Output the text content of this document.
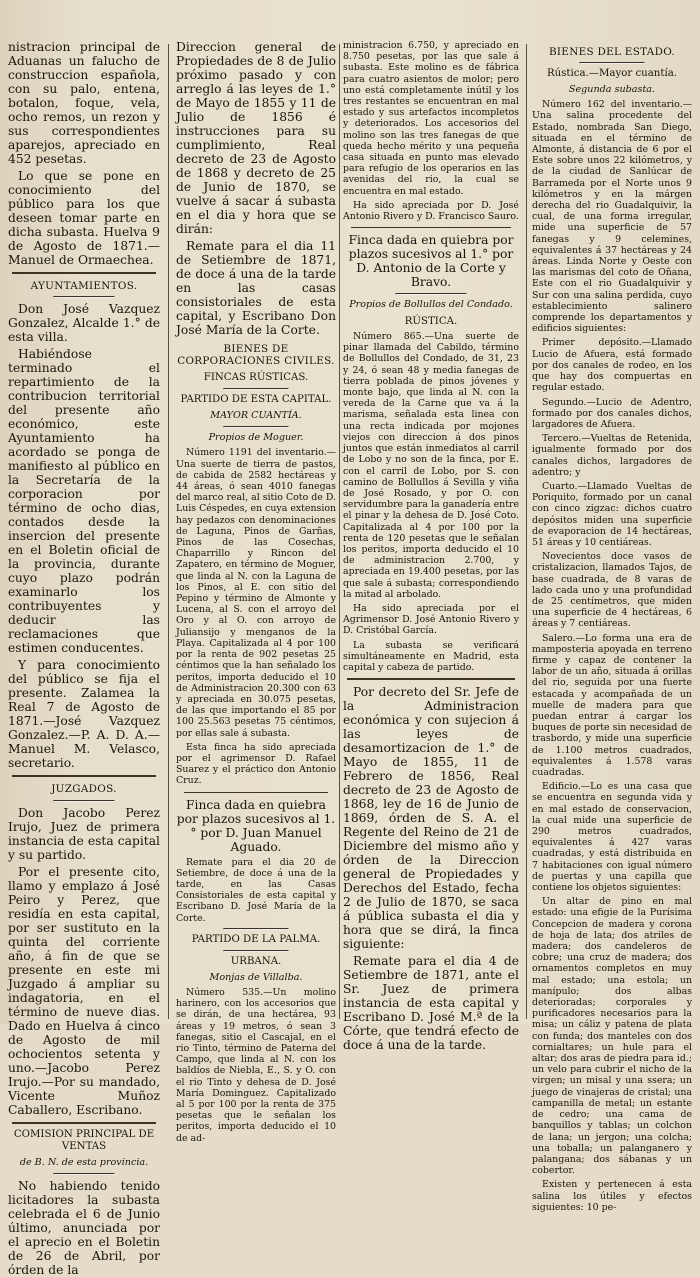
nistracion principal de Aduanas un falucho de construccion española, con su palo, entena, botalon, foque, vela, ocho remos, un rezon y sus correspondientes aparejos, apreciado en 452 pesetas.

Lo que se pone en conocimiento del público para los que deseen tomar parte en dicha subasta. Huelva 9 de Agosto de 1871.—Manuel de Ormaechea.

AYUNTAMIENTOS.

Don José Vazquez Gonzalez, Alcalde 1.° de esta villa.

Habiéndose terminado el repartimiento de la contribucion territorial del presente año económico, este Ayuntamiento ha acordado se ponga de manifiesto al público en la Secretaría de la corporacion por término de ocho dias, contados desde la insercion del presente en el Boletin oficial de la provincia, durante cuyo plazo podrán examinarlo los contribuyentes y deducir las reclamaciones que estimen conducentes.

Y para conocimiento del público se fija el presente. Zalamea la Real 7 de Agosto de 1871.—José Vazquez Gonzalez.—P. A. D. A.—Manuel M. Velasco, secretario.

JUZGADOS.

Don Jacobo Perez Irujo, Juez de primera instancia de esta capital y su partido.

Por el presente cito, llamo y emplazo á José Peiro y Perez, que residía en esta capital, por ser sustituto en la quinta del corriente año, á fin de que se presente en este mi Juzgado á ampliar su indagatoria, en el término de nueve dias. Dado en Huelva á cinco de Agosto de mil ochocientos setenta y uno.—Jacobo Perez Irujo.—Por su mandado, Vicente Muñoz Caballero, Escribano.

COMISION PRINCIPAL DE VENTAS

de B. N. de esta provincia.

No habiendo tenido licitadores la subasta celebrada el 6 de Junio último, anunciada por el aprecio en el Boletin de 26 de Abril, por órden de la

Direccion general de Propiedades de 8 de Julio próximo pasado y con arreglo á las leyes de 1.° de Mayo de 1855 y 11 de Julio de 1856 é instrucciones para su cumplimiento, Real decreto de 23 de Agosto de 1868 y decreto de 25 de Junio de 1870, se vuelve á sacar á subasta en el dia y hora que se dirán:

Remate para el dia 11 de Setiembre de 1871, de doce á una de la tarde en las casas consistoriales de esta capital, y Escribano Don José María de la Corte.

BIENES DE CORPORACIONES CIVILES.

FINCAS RÚSTICAS.

PARTIDO DE ESTA CAPITAL.

MAYOR CUANTÍA.

Propios de Moguer.

Número 1191 del inventario.—Una suerte de tierra de pastos, de cabida de 2582 hectáreas y 44 áreas, ó sean 4010 fanegas del marco real, al sitio Coto de D. Luis Céspedes, en cuya extension hay pedazos con denominaciones de Laguna, Pinos de Garñas, Pinos de las Cosechas, Chaparrillo y Rincon del Zapatero, en término de Moguer, que linda al N. con la Laguna de los Pinos, al E. con sitio del Pepino y término de Almonte y Lucena, al S. con el arroyo del Oro y al O. con arroyo de Juliansijo y menganos de la Playa. Capitalizada al 4 por 100 por la renta de 902 pesetas 25 céntimos que la han señalado los peritos, importa deducido el 10 de Administracion 20.300 con 63 y apreciada en 30.075 pesetas, de las que importando el 85 por 100 25.563 pesetas 75 céntimos, por ellas sale á subasta.

Esta finca ha sido apreciada por el agrimensor D. Rafael Suarez y el práctico don Antonio Cruz.

Finca dada en quiebra por plazos sucesivos al 1.° por D. Juan Manuel Aguado.

Remate para el dia 20 de Setiembre, de doce á una de la tarde, en las Casas Consistoriales de esta capital y Escribano D. José María de la Corte.

PARTIDO DE LA PALMA.

URBANA.

Monjas de Villalba.

Número 535.—Un molino harinero, con los accesorios que se dirán, de una hectárea, 93 áreas y 19 metros, ó sean 3 fanegas, sitio el Cascajal, en el rio Tinto, término de Paterna del Campo, que linda al N. con los baldíos de Niebla, E., S. y O. con el rio Tinto y dehesa de D. José María Dominguez. Capitalizado al 5 por 100 por la renta de 375 pesetas que le señalan los peritos, importa deducido el 10 de ad-

ministracion 6.750, y apreciado en 8.750 pesetas, por las que sale á subasta. Este molino es de fábrica para cuatro asientos de molor; pero uno está completamente inútil y los tres restantes se encuentran en mal estado y sus artefactos incompletos y deteriorados. Los accesorios del molino son las tres fanegas de que queda hecho mérito y una pequeña casa situada en punto mas elevado para refugio de los operarios en las avenidas del rio, la cual se encuentra en mal estado.

Ha sido apreciada por D. José Antonio Rivero y D. Francisco Sauro.

Finca dada en quiebra por plazos sucesivos al 1.° por D. Antonio de la Corte y Bravo.

Propios de Bollullos del Condado.

RÚSTICA.

Número 865.—Una suerte de pinar llamada del Cabildo, término de Bollullos del Condado, de 31, 23 y 24, ó sean 48 y media fanegas de tierra poblada de pinos jóvenes y monte bajo, que linda al N. con la vereda de la Carne que va á la marisma, señalada esta linea con una recta indicada por mojones viejos con direccion á dos pinos juntos que están inmediatos al carril de Lobo y no son de la finca, por E. con el carril de Lobo, por S. con camino de Bollullos á Sevilla y viña de José Rosado, y por O. con servidumbre para la ganadería entre el pinar y la dehesa de D. José Coto. Capitalizada al 4 por 100 por la renta de 120 pesetas que le señalan los peritos, importa deducido el 10 de administracion 2.700, y apreciada en 19.400 pesetas, por las que sale á subasta; correspondiendo la mitad al arbolado.

Ha sido apreciada por el Agrimensor D. José Antonio Rivero y D. Cristóbal García.

La subasta se verificará simultáneamente en Madrid, esta capital y cabeza de partido.

Por decreto del Sr. Jefe de la Administracion económica y con sujecion á las leyes de desamortizacion de 1.° de Mayo de 1855, 11 de Febrero de 1856, Real decreto de 23 de Agosto de 1868, ley de 16 de Junio de 1869, órden de S. A. el Regente del Reino de 21 de Diciembre del mismo año y órden de la Direccion general de Propiedades y Derechos del Estado, fecha 2 de Julio de 1870, se saca á pública subasta el dia y hora que se dirá, la finca siguiente:

Remate para el dia 4 de Setiembre de 1871, ante el Sr. Juez de primera instancia de esta capital y Escribano D. José M.ª de la Córte, que tendrá efecto de doce á una de la tarde.

BIENES DEL ESTADO.

Rústica.—Mayor cuantía.

Segunda subasta.

Número 162 del inventario.—Una salina procedente del Estado, nombrada San Diego, situada en el término de Almonte, á distancia de 6 por el Este sobre unos 22 kilómetros, y de la ciudad de Sanlúcar de Barrameda por el Norte unos 9 kilómetros y en la márgen derecha del rio Guadalquivir, la cual, de una forma irregular, mide una superficie de 57 fanegas y 9 celemines, equivalentes á 37 hectáreas y 24 áreas. Linda Norte y Oeste con las marismas del coto de Oñana, Este con el rio Guadalquivir y Sur con una salina perdida, cuyo establecimiento salinero comprende los departamentos y edificios siguientes:

Primer depósito.—Llamado Lucio de Afuera, está formado por dos canales de rodeo, en los que hay dos compuertas en regular estado.

Segundo.—Lucio de Adentro, formado por dos canales dichos, largadores de Afuera.

Tercero.—Vueltas de Retenida, igualmente formado por dos canales dichos, largadores de adentro; y

Cuarto.—Llamado Vueltas de Poriquito, formado por un canal con cinco zigzac: dichos cuatro depósitos miden una superficie de evaporacion de 14 hectáreas, 51 áreas y 10 centiáreas.

Novecientos doce vasos de cristalizacion, llamados Tajos, de base cuadrada, de 8 varas de lado cada uno y una profundidad de 25 centímetros, que miden una superficie de 4 hectáreas, 6 áreas y 7 centiáreas.

Salero.—Lo forma una era de mamposteria apoyada en terreno firme y capaz de contener la labor de un año, situada á orillas del rio, seguida por una fuerte estacada y acompañada de un muelle de madera para que puedan entrar á cargar los buques de porte sin necesidad de trasbordo, y mide una superficie de 1.100 metros cuadrados, equivalentes á 1.578 varas cuadradas.

Edificio.—Lo es una casa que se encuentra en segunda vida y en mal estado de conservacion, la cual mide una superficie de 290 metros cuadrados, equivalentes á 427 varas cuadradas, y está distribuida en 7 habitaciones con igual número de puertas y una capilla que contiene los objetos siguientes:

Un altar de pino en mal estado: una efigie de la Purísima Concepcion de madera y corona de hoja de lata; dos atriles de madera; dos candeleros de cobre; una cruz de madera; dos ornamentos completos en muy mal estado; una estola; un manípulo; dos albas deterioradas; corporales y purificadores necesarios para la misa; un cáliz y patena de plata con funda; dos manteles con dos cornialtares; un hule para el altar; dos aras de piedra para id.; un velo para cubrir el nicho de la virgen; un misal y una ssera; un juego de vinajeras de cristal; una campanilla de metal; un estante de cedro; una cama de banquillos y tablas; un colchon de lana; un jergon; una colcha; una toballa; un palanganero y palangana; dos sábanas y un cobertor.

Existen y pertenecen á esta salina los útiles y efectos siguientes: 10 pe-
